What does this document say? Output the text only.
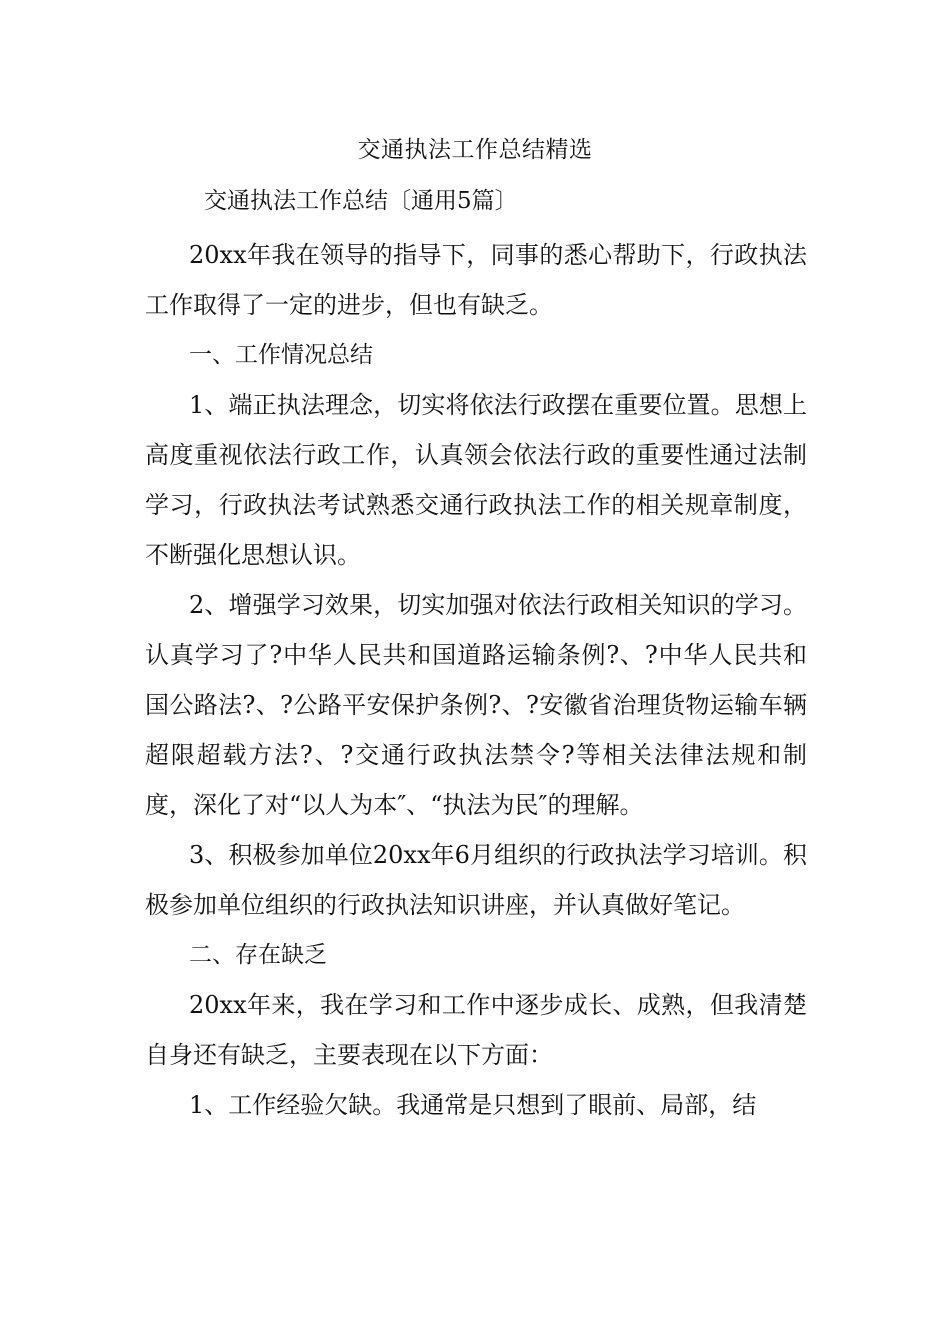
交通执法工作总结精选
交通执法工作总结〔通用5篇〕

20xx年我在领导的指导下，同事的悉心帮助下，行政执法工作取得了一定的进步，但也有缺乏。

一、工作情况总结

1、端正执法理念，切实将依法行政摆在重要位置。思想上高度重视依法行政工作，认真领会依法行政的重要性通过法制学习，行政执法考试熟悉交通行政执法工作的相关规章制度，不断强化思想认识。

2、增强学习效果，切实加强对依法行政相关知识的学习。认真学习了?中华人民共和国道路运输条例?、?中华人民共和国公路法?、?公路平安保护条例?、?安徽省治理货物运输车辆超限超载方法?、?交通行政执法禁令?等相关法律法规和制度，深化了对“以人为本″、“执法为民″的理解。

3、积极参加单位20xx年6月组织的行政执法学习培训。积极参加单位组织的行政执法知识讲座，并认真做好笔记。

二、存在缺乏

20xx年来，我在学习和工作中逐步成长、成熟，但我清楚自身还有缺乏，主要表现在以下方面：

1、工作经验欠缺。我通常是只想到了眼前、局部，结
